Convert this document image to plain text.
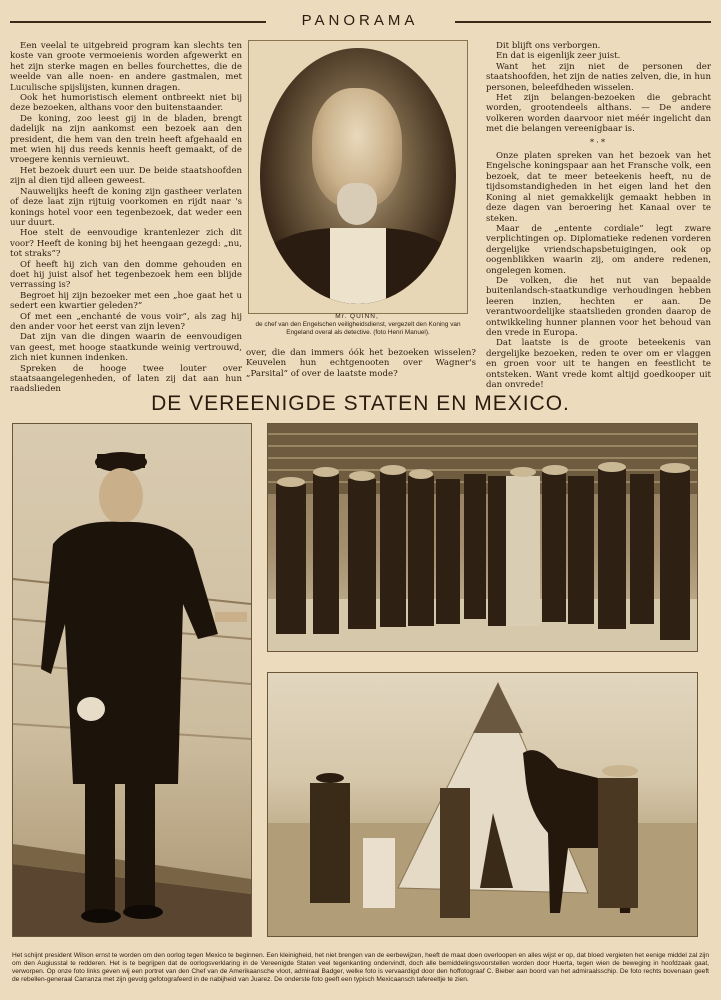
PANORAMA

Een veelal te uitgebreid program kan slechts ten koste van groote vermoeienis worden afgewerkt en het zijn sterke magen en belles fourchettes, die de weelde van alle noen- en andere gastmalen, met Luculische spijslijsten, kunnen dragen.

Ook het humoristisch element ontbreekt niet bij deze bezoeken, althans voor den buitenstaander.

De koning, zoo leest gij in de bladen, brengt dadelijk na zijn aankomst een bezoek aan den president, die hem van den trein heeft afgehaald en met wien hij dus reeds kennis heeft gemaakt, of de vroegere kennis vernieuwt.

Het bezoek duurt een uur. De beide staatshoofden zijn al dien tijd alleen geweest.

Nauwelijks heeft de koning zijn gastheer verlaten of deze laat zijn rijtuig voorkomen en rijdt naar 's konings hotel voor een tegenbezoek, dat weder een uur duurt.

Hoe stelt de eenvoudige krantenlezer zich dit voor? Heeft de koning bij het heengaan gezegd: „nu, tot straks”?

Of heeft hij zich van den domme gehouden en doet hij juist alsof het tegenbezoek hem een blijde verrassing is?

Begroet hij zijn bezoeker met een „hoe gaat het u sedert een kwartier geleden?”

Of met een „enchanté de vous voir”, als zag hij den ander voor het eerst van zijn leven?

Dat zijn van die dingen waarin de eenvoudigen van geest, met hooge staatkunde weinig vertrouwd, zich niet kunnen indenken.

Spreken de hooge twee louter over staatsaangelegenheden, of laten zij dat aan hun raadslieden

Mr. QUINN,
de chef van den Engelschen veiligheidsdienst, vergezelt den Koning van Engeland overal als detective. (foto Henri Manuel).

over, die dan immers óók het bezoeken wisselen? Keuvelen hun echtgenooten over Wagner's „Parsital” of over de laatste mode?

Dit blijft ons verborgen.

En dat is eigenlijk zeer juist.

Want het zijn niet de personen der staatshoofden, het zijn de naties zelven, die, in hun personen, beleefdheden wisselen.

Het zijn belangen-bezoeken die gebracht worden, grootendeels althans. — De andere volkeren worden daarvoor niet méér ingelicht dan met die belangen vereenigbaar is.

*·*

Onze platen spreken van het bezoek van het Engelsche koningspaar aan het Fransche volk, een bezoek, dat te meer beteekenis heeft, nu de tijdsomstandigheden in het eigen land het den Koning al niet gemakkelijk gemaakt hebben in deze dagen van beroering het Kanaal over te steken.

Maar de „entente cordiale” legt zware verplichtingen op. Diplomatieke redenen vorderen dergelijke vriendschapsbetuigingen, ook op oogenblikken waarin zij, om andere redenen, ongelegen komen.

De volken, die het nut van bepaalde buitenlandsch-staatkundige verhoudingen hebben leeren inzien, hechten er aan. De verantwoordelijke staatslieden gronden daarop de ontwikkeling hunner plannen voor het behoud van den vrede in Europa.

Dat laatste is de groote beteekenis van dergelijke bezoeken, reden te over om er vlaggen en groen voor uit te hangen en feestlicht te ontsteken. Want vrede komt altijd goedkooper uit dan onvrede!

DE VEREENIGDE STATEN EN MEXICO.
Het schijnt president Wilson ernst te worden om den oorlog tegen Mexico te beginnen. Een kleinigheid, het niet brengen van de eerbewijzen, heeft de maat doen overloopen en alles wijst er op, dat bloed vergieten het eenige middel zal zijn om den Augiusstal te redderen. Het is te begrijpen dat de oorlogsverklaring in de Vereenigde Staten veel tegenkanting ondervindt, doch alle bemiddelingsvoorstellen worden door Huerta, tegen wien de beweging in hoofdzaak gaat, verworpen. Op onze foto links geven wij een portret van den Chef van de Amerikaansche vloot, admiraal Badger, welke foto is vervaardigd door den hoffotograaf C. Bieber aan boord van het admiraalsschip. De foto rechts bovenaan geeft de rebellen-generaal Carranza met zijn gevolg gefotografeerd in de nabijheid van Juarez. De onderste foto geeft een typisch Mexicaansch tafereeltje te zien.
